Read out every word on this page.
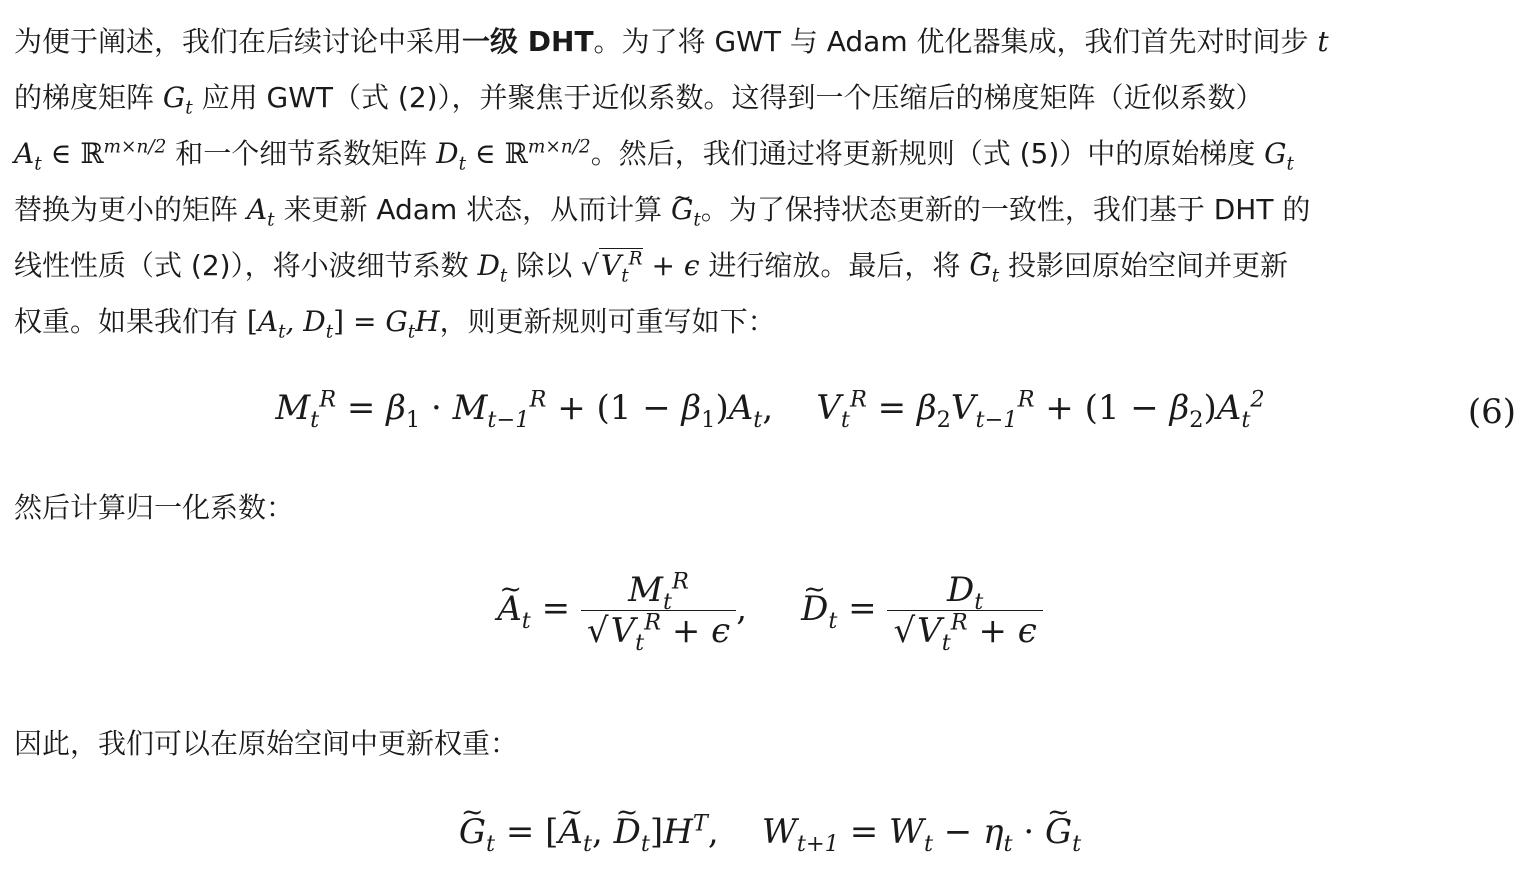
为便于阐述，我们在后续讨论中采用一级 DHT。为了将 GWT 与 Adam 优化器集成，我们首先对时间步 t
的梯度矩阵 $G_t$ 应用 GWT（式 (2)），并聚焦于近似系数。这得到一个压缩后的梯度矩阵（近似系数）
$A_t$ ∈ ℝ$^{m\times n/2}$ 和一个细节系数矩阵 $D_t$ ∈ ℝ$^{m\times n/2}$。然后，我们通过将更新规则（式 (5)）中的原始梯度 $G_t$
替换为更小的矩阵 $A_t$ 来更新 Adam 状态，从而计算 G $\sim_t$。为了保持状态更新的一致性，我们基于 DHT 的
线性性质（式 (2)），将小波细节系数 $D_t$ 除以 $√V_t^R + \epsilon$ 进行缩放。最后，将 G $\sim_t$ 投影回原始空间并更新
权重。如果我们有 [$A_t$, $D_t] = G_tH$，则更新规则可重写如下：
$M_t^R = \beta_1 \cdot M_{t-1}^R + (1 - \beta_1)A_t$,    $V_t^R = \beta_2V_{t-1}^R + (1 - \beta_2)A_t^2$	(6)
然后计算归一化系数：
A $\sim_t = \frac{M_t^R}{√V_t^R + \epsilon}$ ,     D $\sim_t = \frac{D_t}{√V_t^R + \epsilon}$
因此，我们可以在原始空间中更新权重：
G $\sim_t = [A$ $\sim_t$, D $\sim_t]H^T$,    $W_{t+1} = W_t - \eta_t \cdot G$ $\sim_t$
